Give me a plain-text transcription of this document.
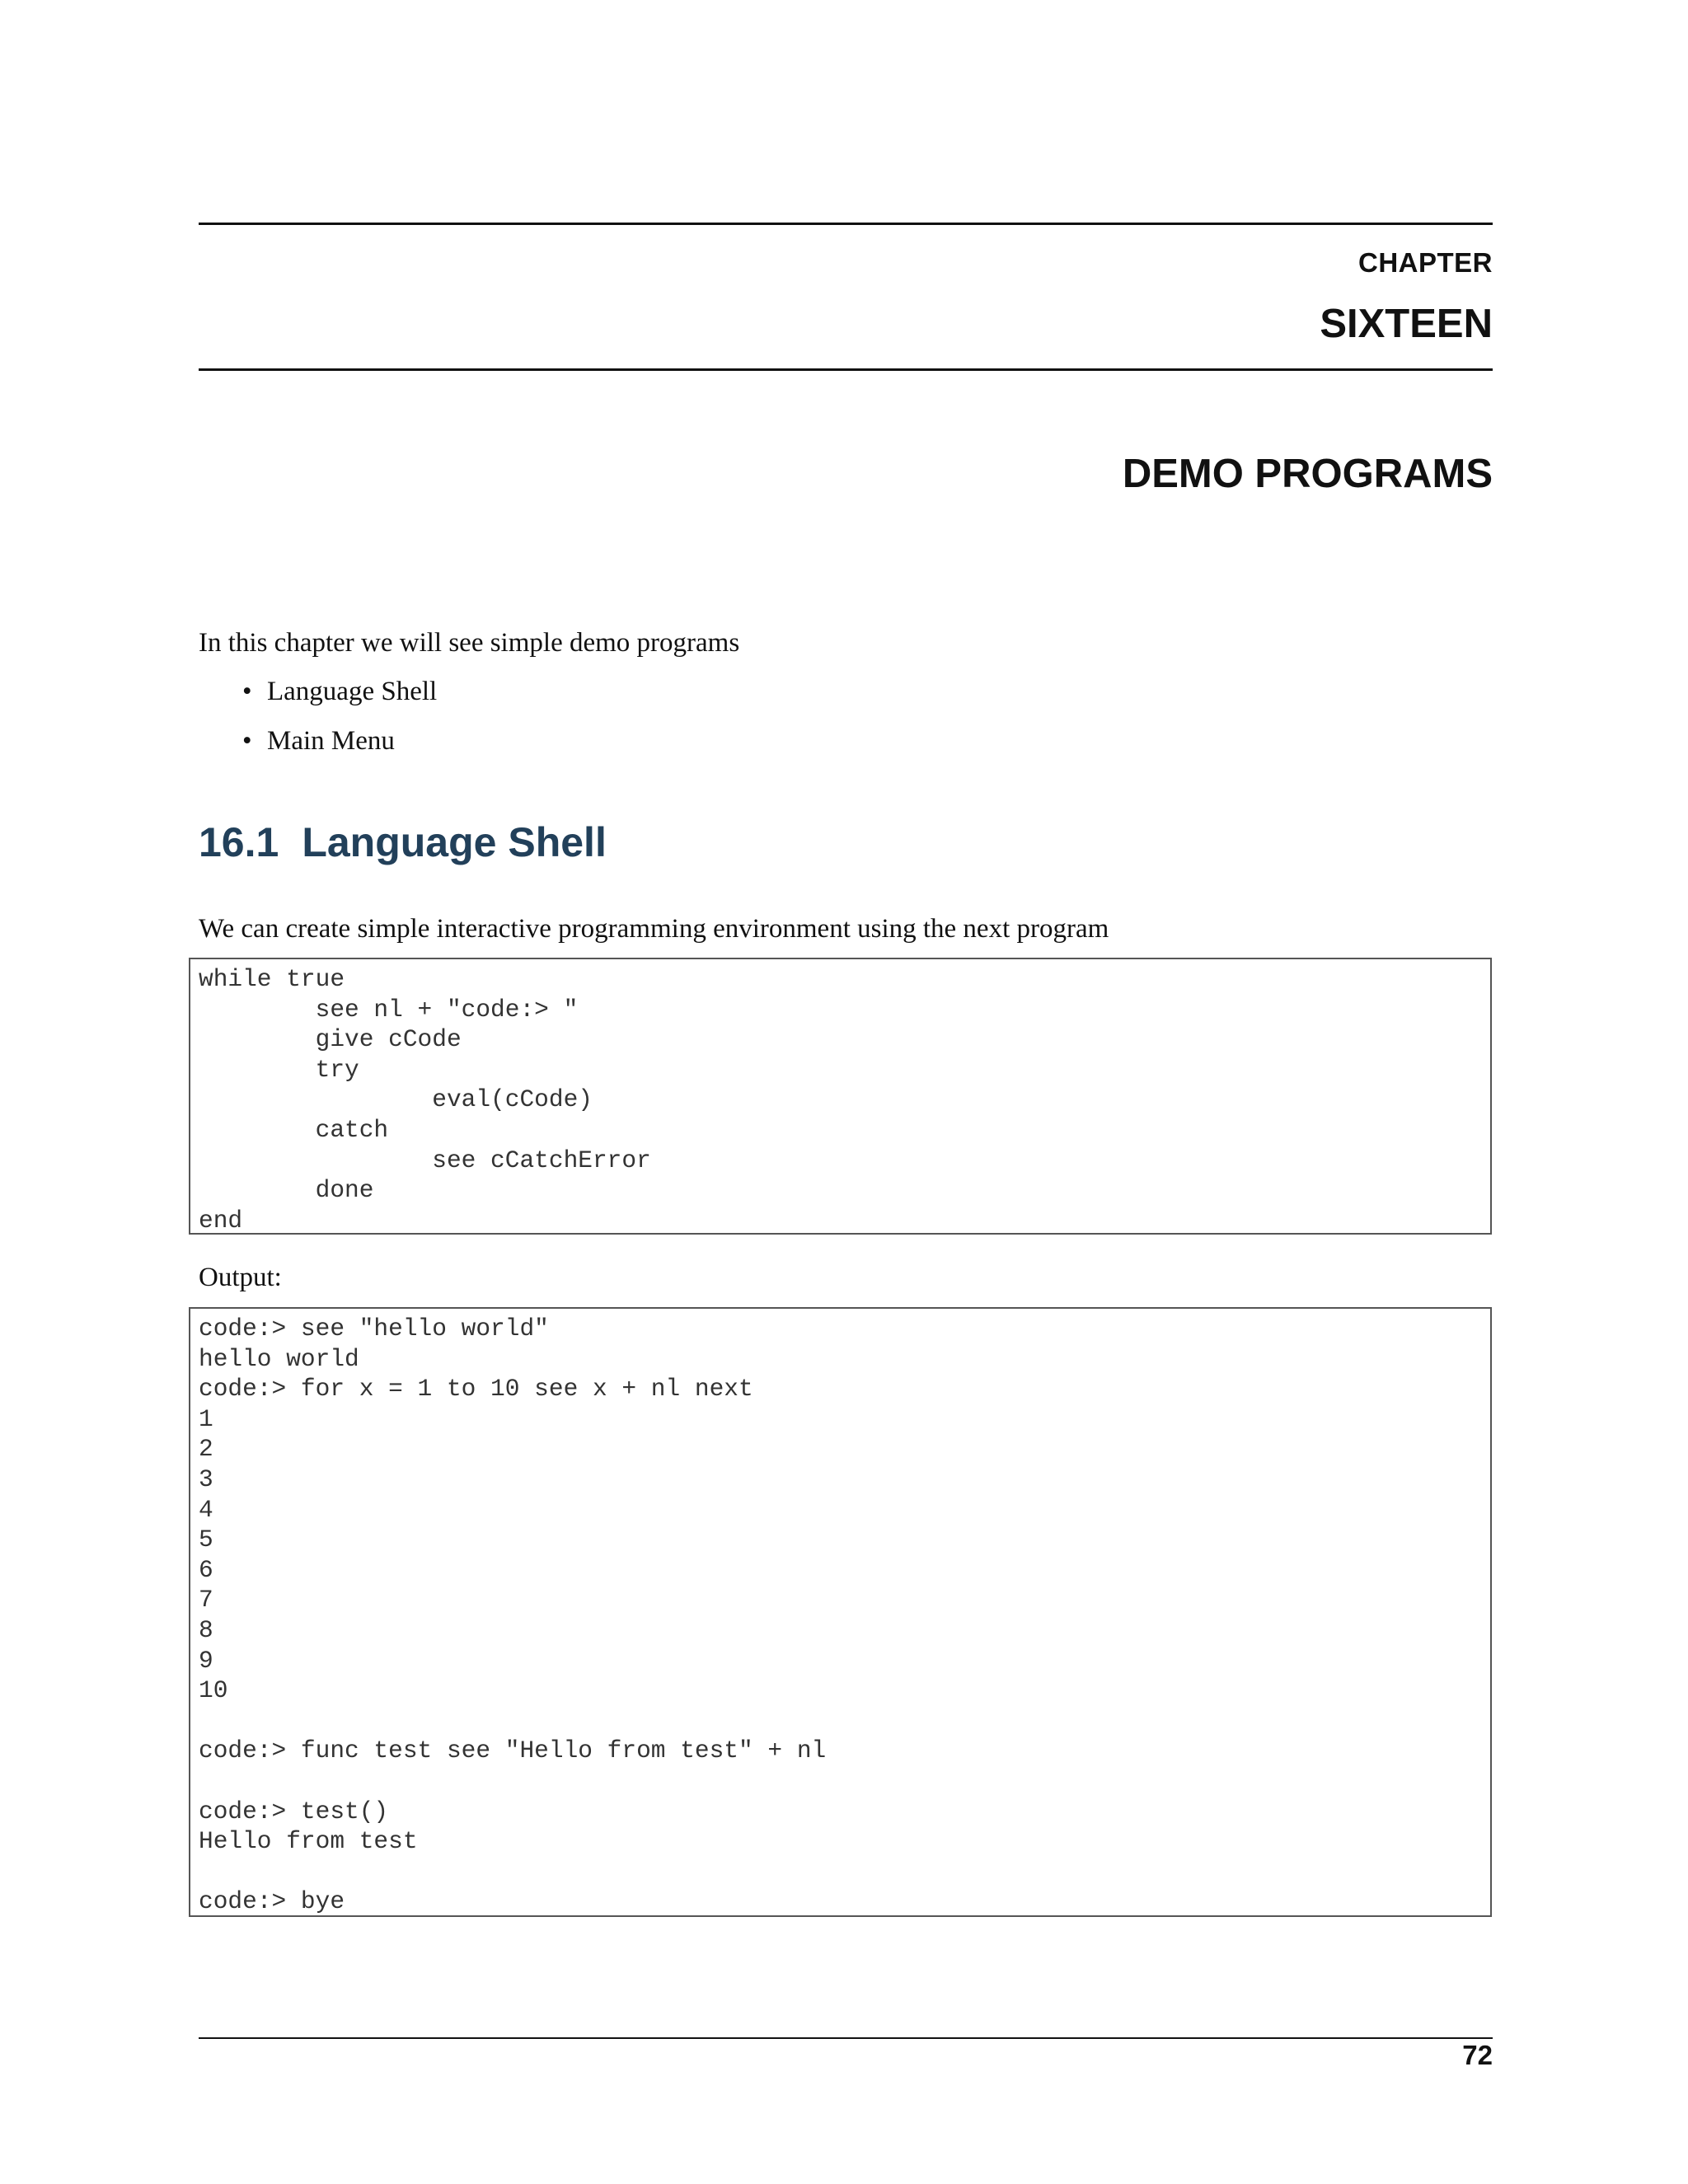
CHAPTER
SIXTEEN
DEMO PROGRAMS
In this chapter we will see simple demo programs
• Language Shell
• Main Menu
16.1 Language Shell
We can create simple interactive programming environment using the next program
while true
see nl + "code:> "
give cCode
try
eval(cCode)
catch
see cCatchError
done
end
Output:
code:> see "hello world"
hello world
code:> for x = 1 to 10 see x + nl next
1
2
3
4
5
6
7
8
9
10

code:> func test see "Hello from test" + nl

code:> test()
Hello from test

code:> bye
72
